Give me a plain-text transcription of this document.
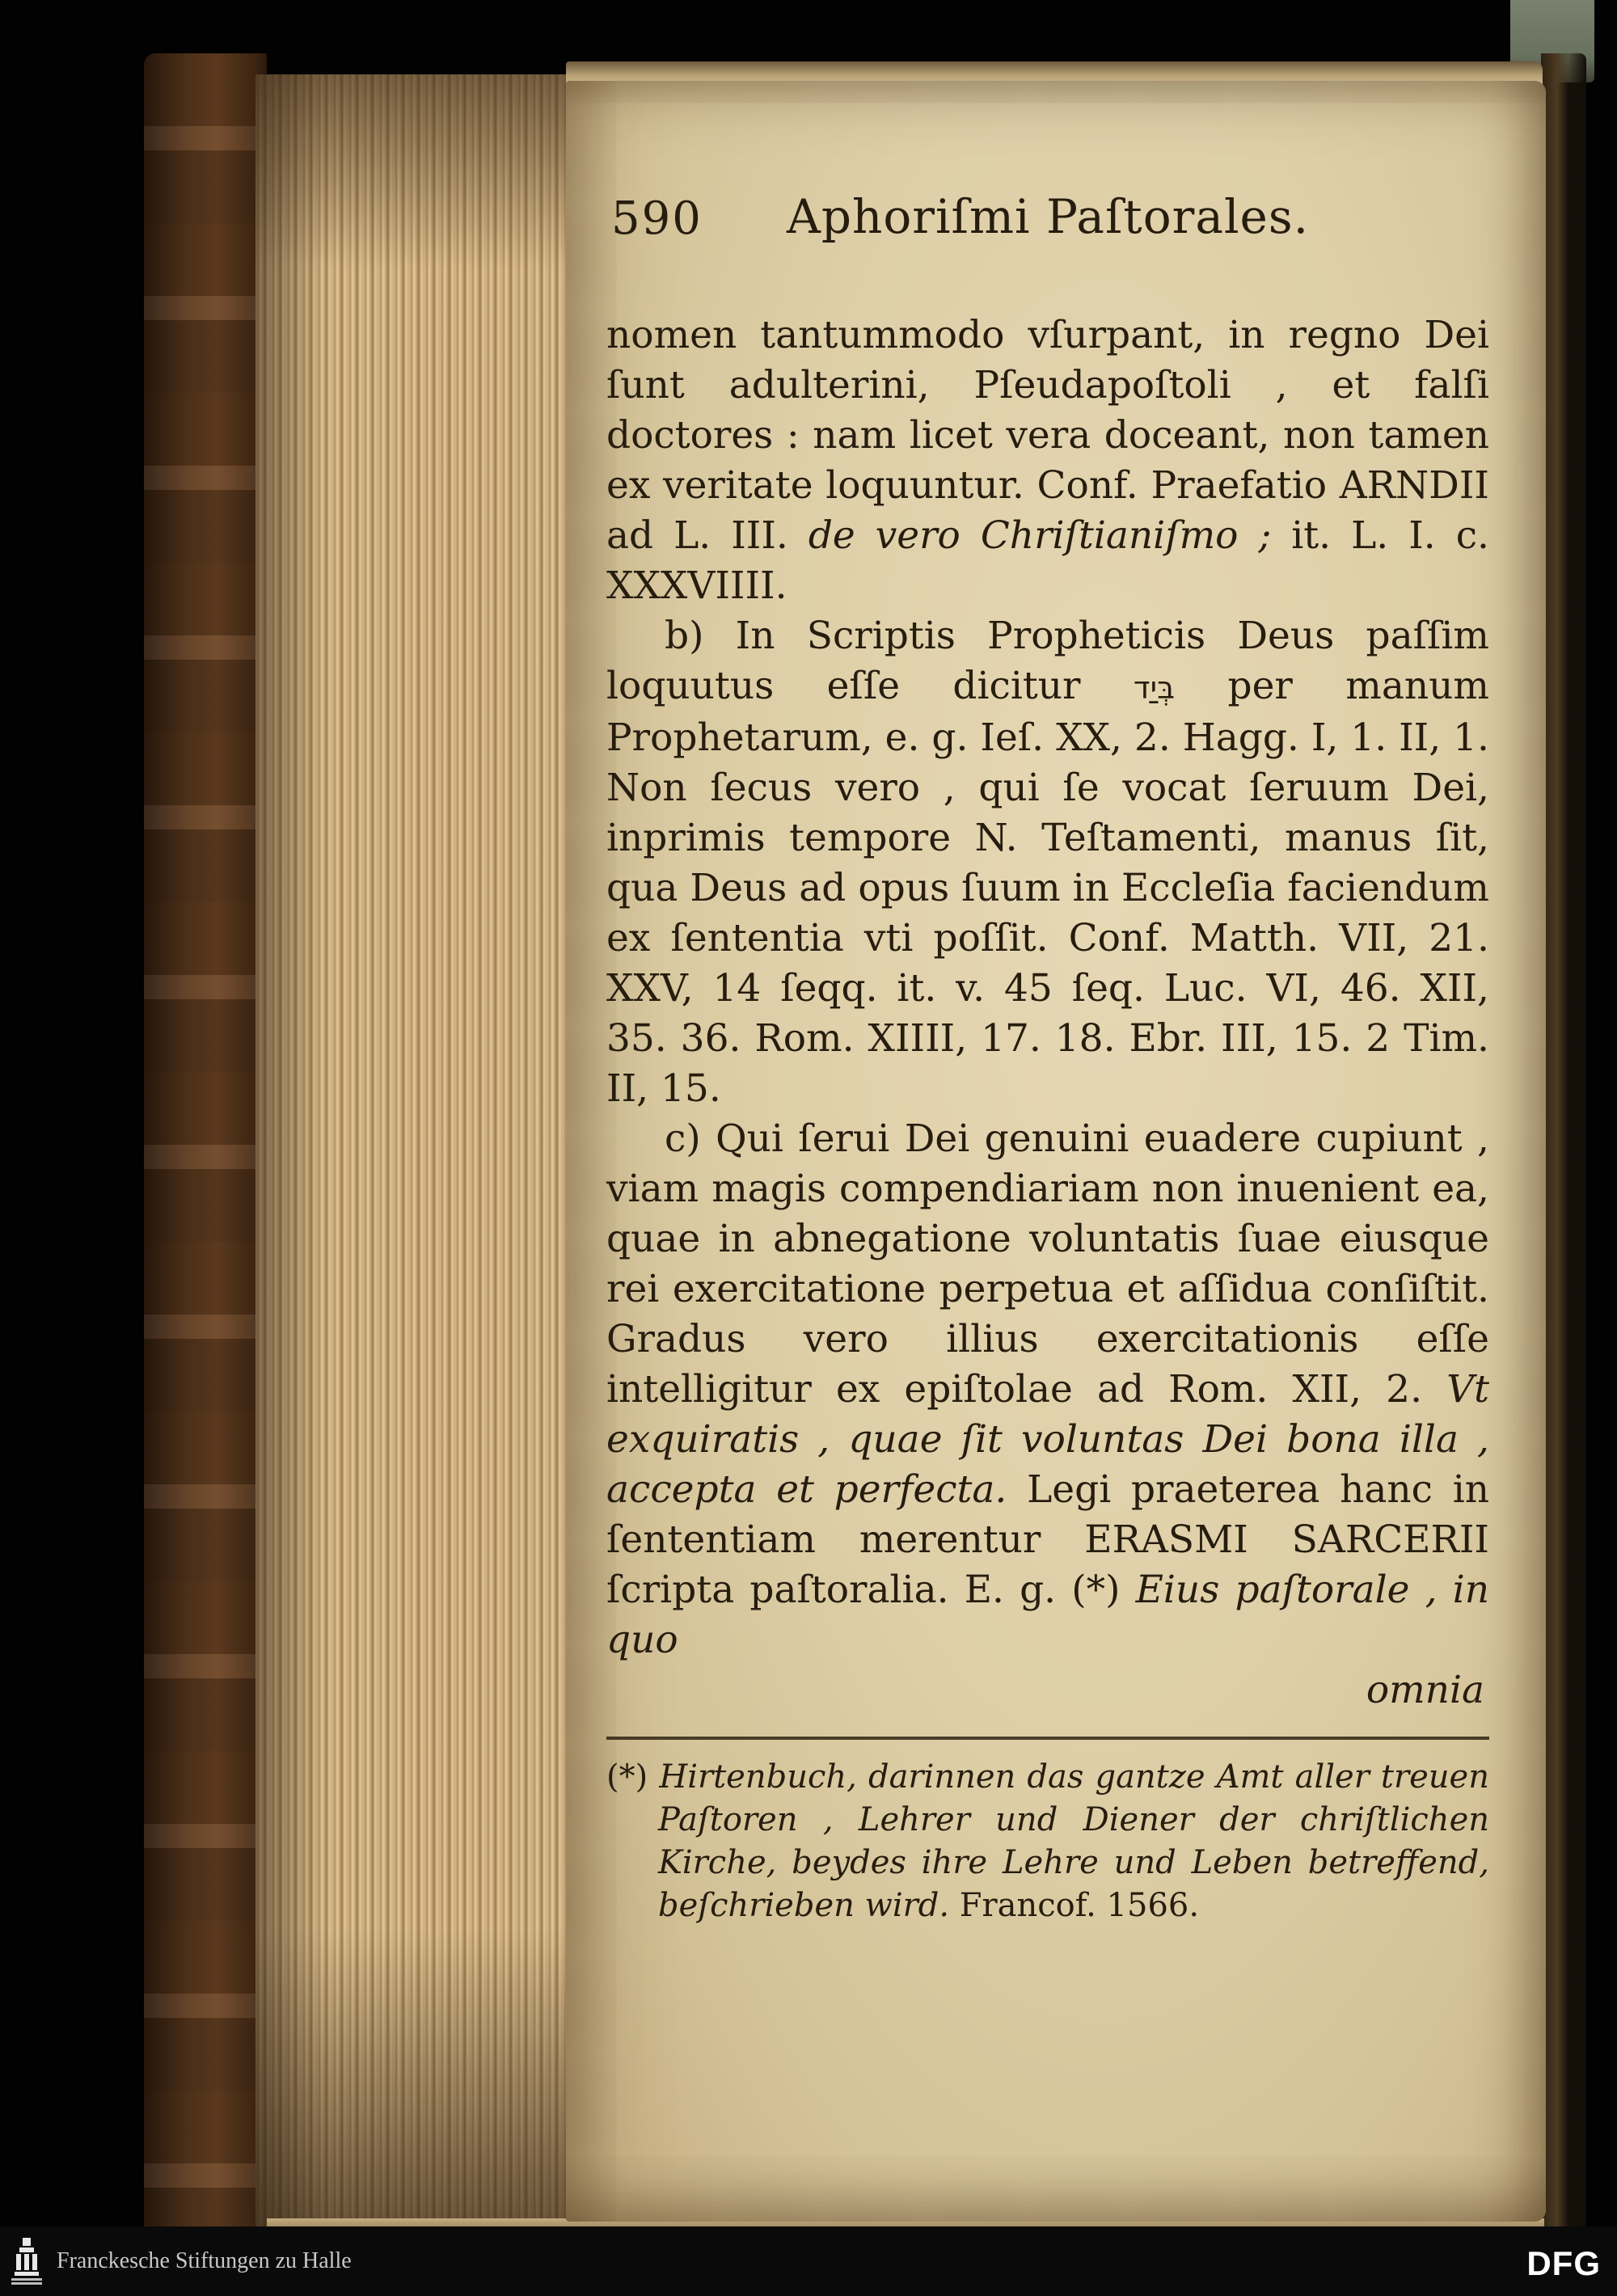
590 Aphoriſmi Paſtorales.

nomen tantummodo vſurpant, in regno Dei ſunt adulterini, Pſeudapoſtoli , et falſi doctores : nam licet vera doceant, non tamen ex veritate loquuntur. Conf. Praefatio ARNDII ad L. III. de vero Chriſtianiſmo ; it. L. I. c. XXXVIIII.

b) In Scriptis Propheticis Deus paſſim loquutus eſſe dicitur בְּיַד per manum Prophetarum, e. g. Ieſ. XX, 2. Hagg. I, 1. II, 1. Non ſecus vero , qui ſe vocat ſeruum Dei, inprimis tempore N. Teſtamenti, manus ſit, qua Deus ad opus ſuum in Eccleſia faciendum ex ſententia vti poſſit. Conf. Matth. VII, 21. XXV, 14 ſeqq. it. v. 45 ſeq. Luc. VI, 46. XII, 35. 36. Rom. XIIII, 17. 18. Ebr. III, 15. 2 Tim. II, 15.

c) Qui ſerui Dei genuini euadere cupiunt , viam magis compendiariam non inuenient ea, quae in abnegatione voluntatis ſuae eiusque rei exercitatione perpetua et aſſidua conſiſtit. Gradus vero illius exercitationis eſſe intelligitur ex epiſtolae ad Rom. XII, 2. Vt exquiratis , quae ſit voluntas Dei bona illa , accepta et perfecta. Legi praeterea hanc in ſententiam merentur ERASMI SARCERII ſcripta paſtoralia. E. g. (*) Eius paſtorale , in quo

omnia

(*) Hirtenbuch, darinnen das gantze Amt aller treuen Paſtoren , Lehrer und Diener der chriſtlichen Kirche, beydes ihre Lehre und Leben betreffend, beſchrieben wird. Francof. 1566.

Franckesche Stiftungen zu Halle	DFG
